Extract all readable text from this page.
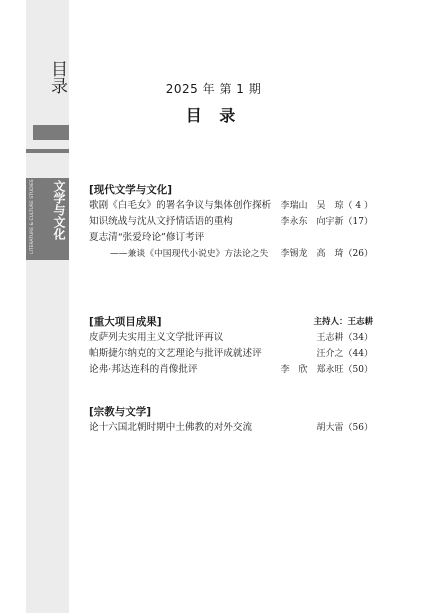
目录
文学与文化
LITERATURE & CULTURE STUDIES
2025 年 第 1 期
目 录
[现代文学与文化]
歌剧《白毛女》的署名争议与集体创作探析 李瑞山　吴　琼（ 4 ）
知识统战与沈从文抒情话语的重构	李永东　向宇新（17）
夏志清“张爱玲论”修订考评
——兼谈《中国现代小说史》方法论之失 李锡龙　高　琦（26）
[重大项目成果]	主持人：王志耕
皮萨列夫实用主义文学批评再议	王志耕（34）
帕斯捷尔纳克的文艺理论与批评成就述评	汪介之（44）
论弗·邦达连科的肖像批评	李　欣　郑永旺（50）
[宗教与文学]
论十六国北朝时期中土佛教的对外交流	胡大雷（56）
